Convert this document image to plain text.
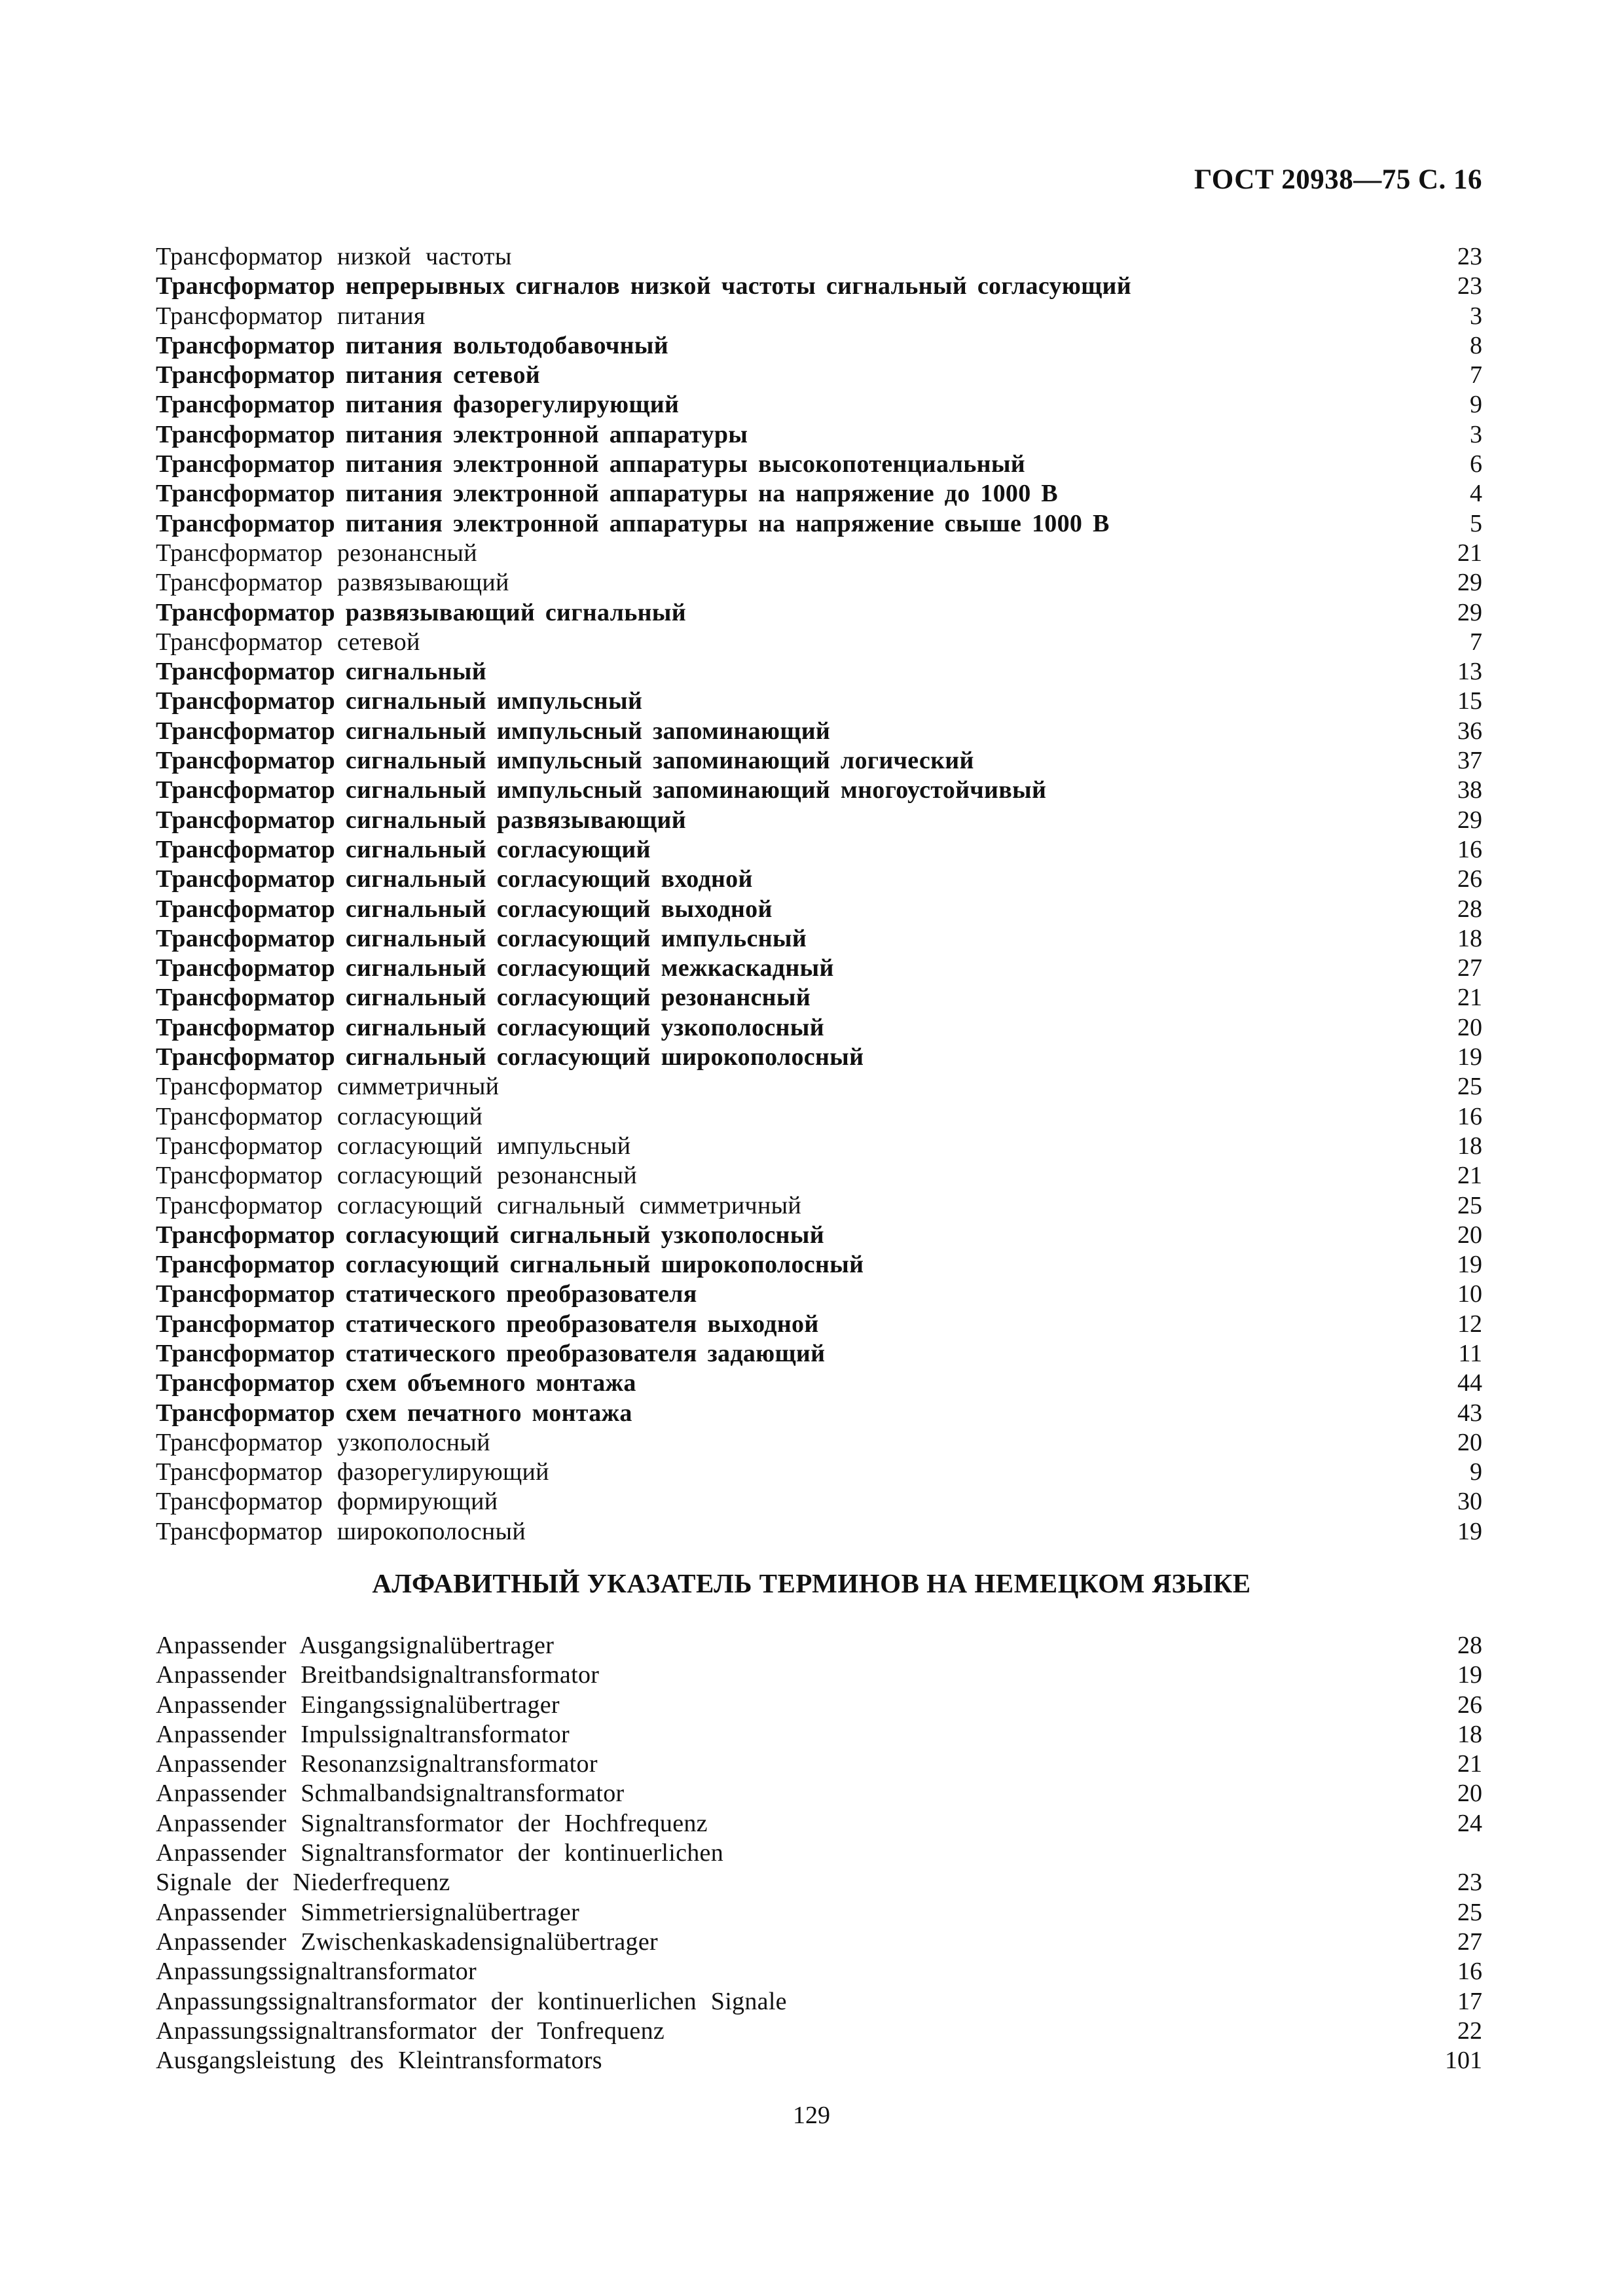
ГОСТ 20938—75 С. 16
Трансформатор низкой частоты	23
Трансформатор непрерывных сигналов низкой частоты сигнальный согласующий	23
Трансформатор питания	3
Трансформатор питания вольтодобавочный	8
Трансформатор питания сетевой	7
Трансформатор питания фазорегулирующий	9
Трансформатор питания электронной аппаратуры	3
Трансформатор питания электронной аппаратуры высокопотенциальный	6
Трансформатор питания электронной аппаратуры на напряжение до 1000 В	4
Трансформатор питания электронной аппаратуры на напряжение свыше 1000 В	5
Трансформатор резонансный	21
Трансформатор развязывающий	29
Трансформатор развязывающий сигнальный	29
Трансформатор сетевой	7
Трансформатор сигнальный	13
Трансформатор сигнальный импульсный	15
Трансформатор сигнальный импульсный запоминающий	36
Трансформатор сигнальный импульсный запоминающий логический	37
Трансформатор сигнальный импульсный запоминающий многоустойчивый	38
Трансформатор сигнальный развязывающий	29
Трансформатор сигнальный согласующий	16
Трансформатор сигнальный согласующий входной	26
Трансформатор сигнальный согласующий выходной	28
Трансформатор сигнальный согласующий импульсный	18
Трансформатор сигнальный согласующий межкаскадный	27
Трансформатор сигнальный согласующий резонансный	21
Трансформатор сигнальный согласующий узкополосный	20
Трансформатор сигнальный согласующий широкополосный	19
Трансформатор симметричный	25
Трансформатор согласующий	16
Трансформатор согласующий импульсный	18
Трансформатор согласующий резонансный	21
Трансформатор согласующий сигнальный симметричный	25
Трансформатор согласующий сигнальный узкополосный	20
Трансформатор согласующий сигнальный широкополосный	19
Трансформатор статического преобразователя	10
Трансформатор статического преобразователя выходной	12
Трансформатор статического преобразователя задающий	11
Трансформатор схем объемного монтажа	44
Трансформатор схем печатного монтажа	43
Трансформатор узкополосный	20
Трансформатор фазорегулирующий	9
Трансформатор формирующий	30
Трансформатор широкополосный	19
АЛФАВИТНЫЙ УКАЗАТЕЛЬ ТЕРМИНОВ НА НЕМЕЦКОМ ЯЗЫКЕ
Anpassender Ausgangsignalübertrager	28
Anpassender Breitbandsignaltransformator	19
Anpassender Eingangssignalübertrager	26
Anpassender Impulssignaltransformator	18
Anpassender Resonanzsignaltransformator	21
Anpassender Schmalbandsignaltransformator	20
Anpassender Signaltransformator der Hochfrequenz	24
Anpassender Signaltransformator der kontinuerlichen
Signale der Niederfrequenz	23
Anpassender Simmetriersignalübertrager	25
Anpassender Zwischenkaskadensignalübertrager	27
Anpassungssignaltransformator	16
Anpassungssignaltransformator der kontinuerlichen Signale	17
Anpassungssignaltransformator der Tonfrequenz	22
Ausgangsleistung des Kleintransformators	101
129
